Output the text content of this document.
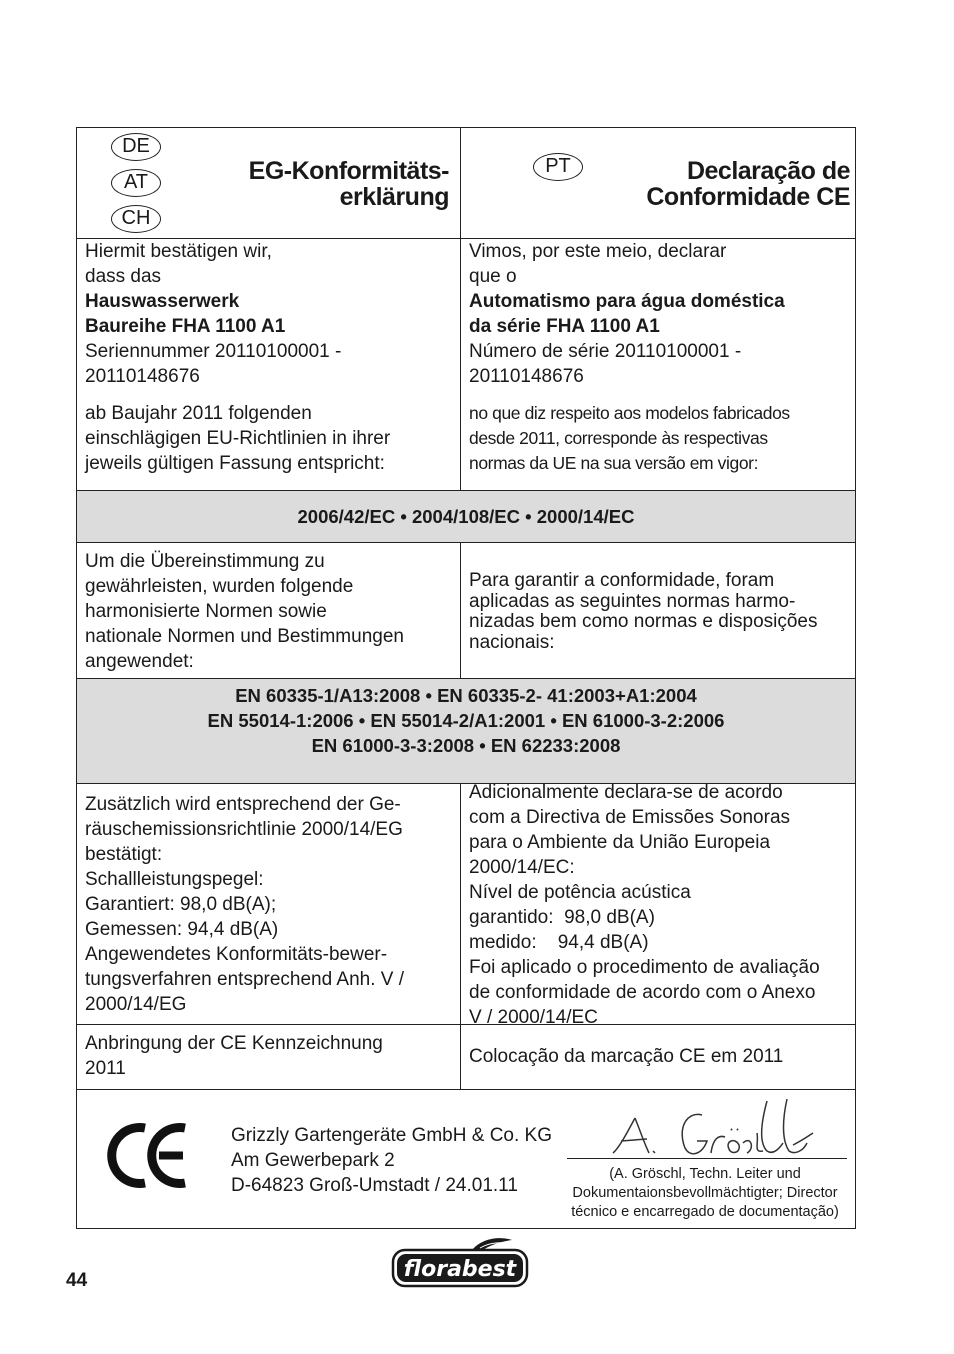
DE
AT
CH
EG-Konformitäts-
erklärung
PT	Declaração de
Conformidade CE
Hiermit bestätigen wir,
dass das
Hauswasserwerk
Baureihe FHA 1100 A1
Seriennummer 20110100001 -
20110148676
ab Baujahr 2011 folgenden
einschlägigen EU-Richtlinien in ihrer
jeweils gültigen Fassung entspricht:
Vimos, por este meio, declarar
que o
Automatismo para água doméstica
da série FHA 1100 A1
Número de série 20110100001 -
20110148676
no que diz respeito aos modelos fabricados
desde 2011, corresponde às respectivas
normas da UE na sua versão em vigor:
2006/42/EC • 2004/108/EC • 2000/14/EC
Um die Übereinstimmung zu
gewährleisten, wurden folgende
harmonisierte Normen sowie
nationale Normen und Bestimmungen
angewendet:
Para garantir a conformidade, foram
aplicadas as seguintes normas harmo-
nizadas bem como normas e disposições
nacionais:
EN 60335-1/A13:2008 • EN 60335-2- 41:2003+A1:2004
EN 55014-1:2006 • EN 55014-2/A1:2001 • EN 61000-3-2:2006
EN 61000-3-3:2008 • EN 62233:2008
Zusätzlich wird entsprechend der Ge-
räuschemissionsrichtlinie 2000/14/EG
bestätigt:
Schallleistungspegel:
Garantiert: 98,0 dB(A);
Gemessen: 94,4 dB(A)
Angewendetes Konformitäts-bewer-
tungsverfahren entsprechend Anh. V /
2000/14/EG
Adicionalmente declara-se de acordo
com a Directiva de Emissões Sonoras
para o Ambiente da União Europeia
2000/14/EC:
Nível de potência acústica
garantido:  98,0 dB(A)
medido:    94,4 dB(A)
Foi aplicado o procedimento de avaliação
de conformidade de acordo com o Anexo
V / 2000/14/EC
Anbringung der CE Kennzeichnung
2011
Colocação da marcação CE em 2011
Grizzly Gartengeräte GmbH & Co. KG
Am Gewerbepark 2
D-64823 Groß-Umstadt / 24.01.11
(A. Gröschl, Techn. Leiter und
Dokumentaionsbevollmächtigter; Director
técnico e encarregado de documentação)
44	florabest
